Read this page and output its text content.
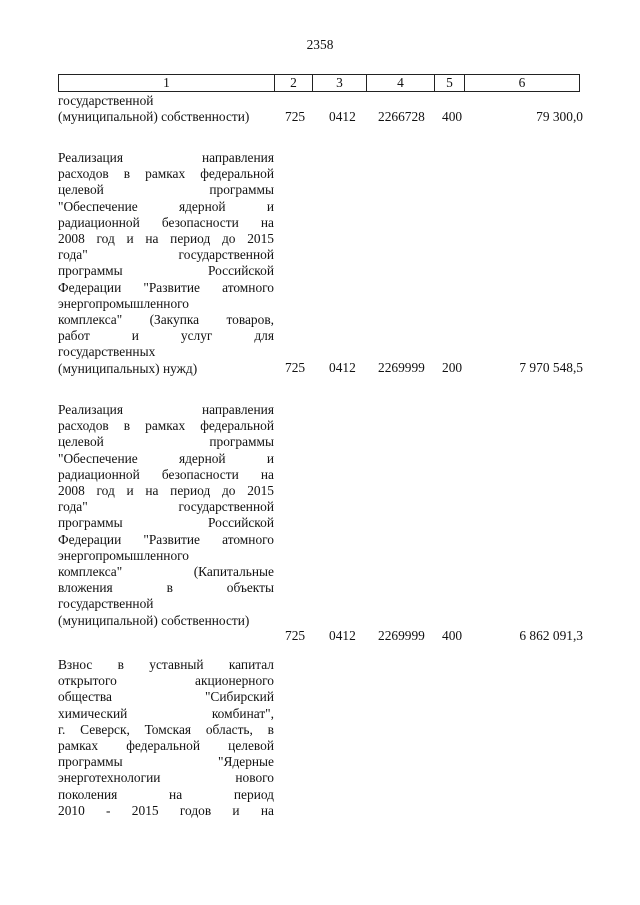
2358
1	2	3	4	5	6
государственной
(муниципальной) собственности)	725 0412 2266728 400	79 300,0
Реализация направления
расходов в рамках федеральной
целевой программы
"Обеспечение ядерной и
радиационной безопасности на
2008 год и на период до 2015
года" государственной
программы Российской
Федерации "Развитие атомного
энергопромышленного
комплекса" (Закупка товаров,
работ и услуг для
государственных
(муниципальных) нужд)	725 0412 2269999 200	7 970 548,5
Реализация направления
расходов в рамках федеральной
целевой программы
"Обеспечение ядерной и
радиационной безопасности на
2008 год и на период до 2015
года" государственной
программы Российской
Федерации "Развитие атомного
энергопромышленного
комплекса" (Капитальные
вложения в объекты
государственной
(муниципальной) собственности)
725 0412 2269999 400	6 862 091,3
Взнос в уставный капитал
открытого акционерного
общества "Сибирский
химический комбинат",
г. Северск, Томская область, в
рамках федеральной целевой
программы "Ядерные
энерготехнологии нового
поколения на период
2010 - 2015 годов и на
